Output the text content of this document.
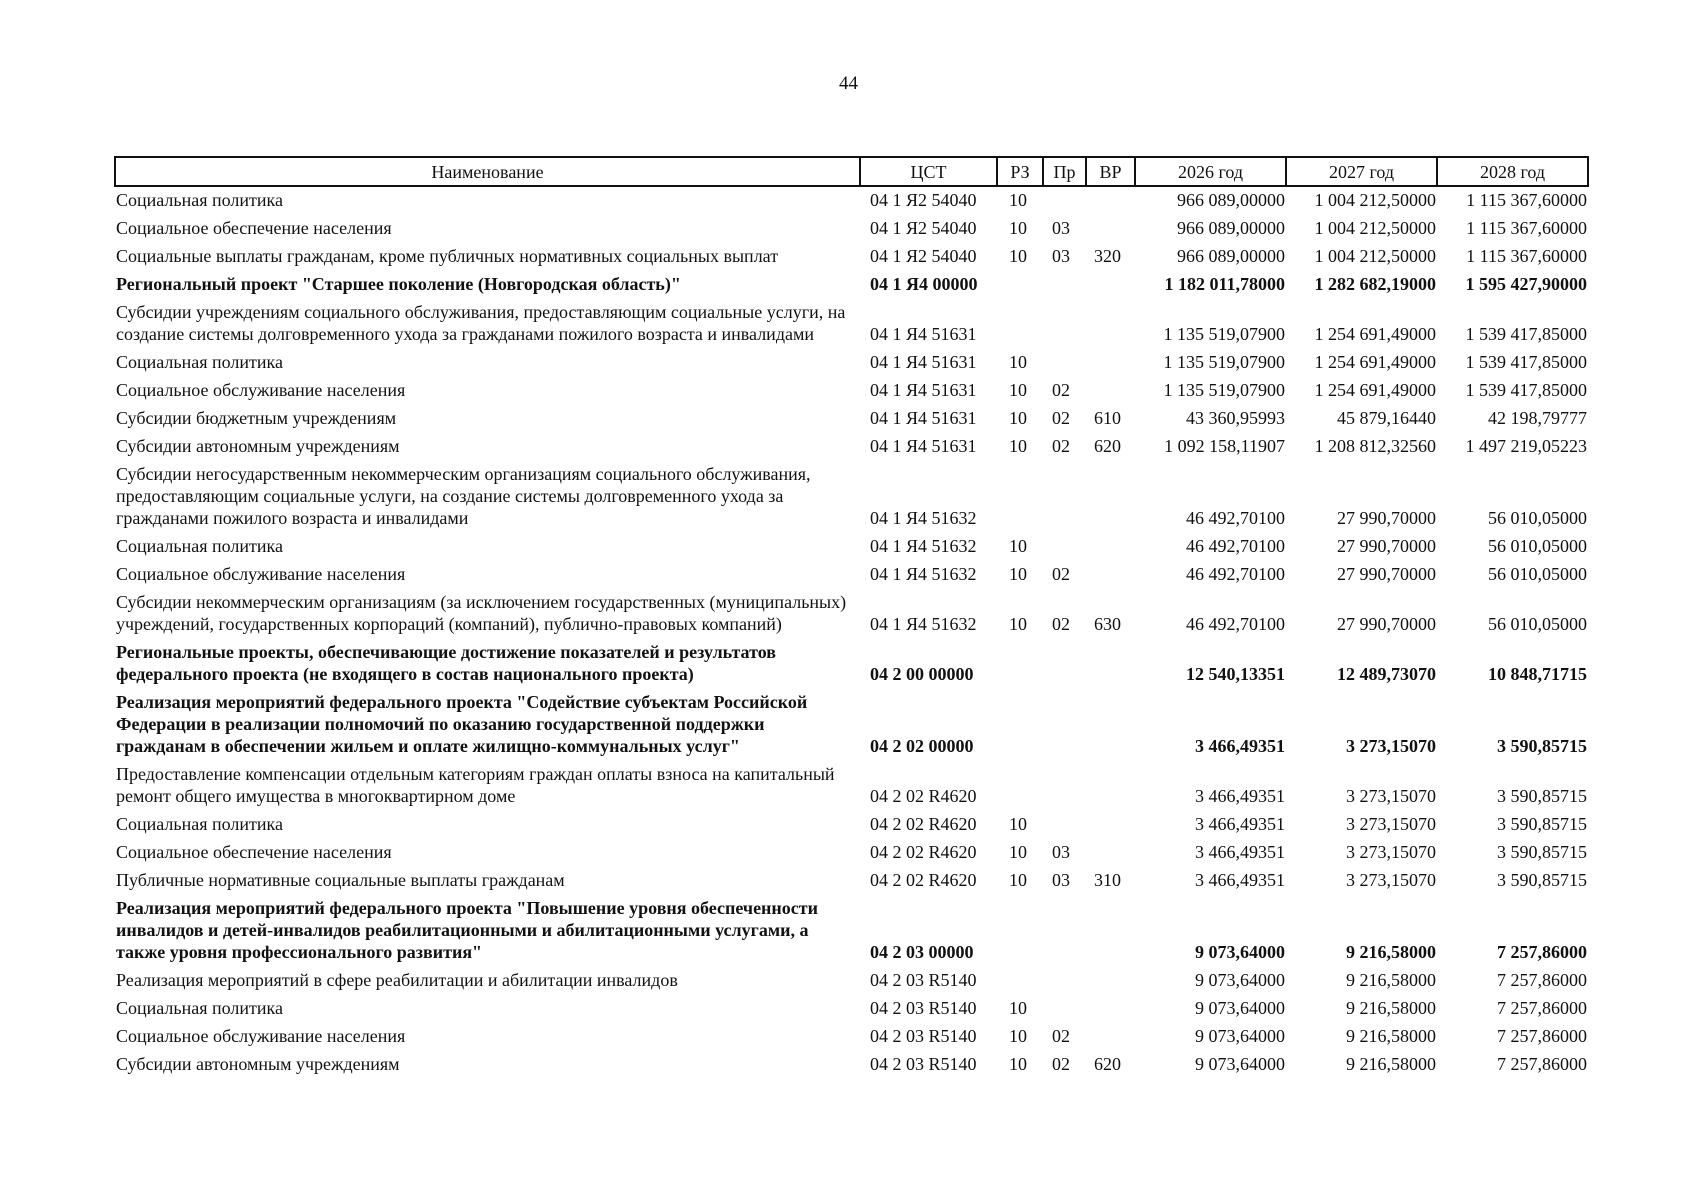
44
Наименование	ЦСТ	РЗ	Пр	ВР	2026 год	2027 год	2028 год
Социальная политика	04 1 Я2 54040	10			966 089,00000	1 004 212,50000	1 115 367,60000
Социальное обеспечение населения	04 1 Я2 54040	10	03		966 089,00000	1 004 212,50000	1 115 367,60000
Социальные выплаты гражданам, кроме публичных нормативных социальных выплат	04 1 Я2 54040	10	03	320	966 089,00000	1 004 212,50000	1 115 367,60000
Региональный проект "Старшее поколение (Новгородская область)"	04 1 Я4 00000				1 182 011,78000	1 282 682,19000	1 595 427,90000
Субсидии учреждениям социального обслуживания, предоставляющим социальные услуги, на создание системы долговременного ухода за гражданами пожилого возраста и инвалидами	04 1 Я4 51631				1 135 519,07900	1 254 691,49000	1 539 417,85000
Социальная политика	04 1 Я4 51631	10			1 135 519,07900	1 254 691,49000	1 539 417,85000
Социальное обслуживание населения	04 1 Я4 51631	10	02		1 135 519,07900	1 254 691,49000	1 539 417,85000
Субсидии бюджетным учреждениям	04 1 Я4 51631	10	02	610	43 360,95993	45 879,16440	42 198,79777
Субсидии автономным учреждениям	04 1 Я4 51631	10	02	620	1 092 158,11907	1 208 812,32560	1 497 219,05223
Субсидии негосударственным некоммерческим организациям социального обслуживания, предоставляющим социальные услуги, на создание системы долговременного ухода за гражданами пожилого возраста и инвалидами	04 1 Я4 51632				46 492,70100	27 990,70000	56 010,05000
Социальная политика	04 1 Я4 51632	10			46 492,70100	27 990,70000	56 010,05000
Социальное обслуживание населения	04 1 Я4 51632	10	02		46 492,70100	27 990,70000	56 010,05000
Субсидии некоммерческим организациям (за исключением государственных (муниципальных) учреждений, государственных корпораций (компаний), публично-правовых компаний)	04 1 Я4 51632	10	02	630	46 492,70100	27 990,70000	56 010,05000
Региональные проекты, обеспечивающие достижение показателей и результатов федерального проекта (не входящего в состав национального проекта)	04 2 00 00000				12 540,13351	12 489,73070	10 848,71715
Реализация мероприятий федерального проекта "Содействие субъектам Российской Федерации в реализации полномочий по оказанию государственной поддержки гражданам в обеспечении жильем и оплате жилищно-коммунальных услуг"	04 2 02 00000				3 466,49351	3 273,15070	3 590,85715
Предоставление компенсации отдельным категориям граждан оплаты взноса на капитальный ремонт общего имущества в многоквартирном доме	04 2 02 R4620				3 466,49351	3 273,15070	3 590,85715
Социальная политика	04 2 02 R4620	10			3 466,49351	3 273,15070	3 590,85715
Социальное обеспечение населения	04 2 02 R4620	10	03		3 466,49351	3 273,15070	3 590,85715
Публичные нормативные социальные выплаты гражданам	04 2 02 R4620	10	03	310	3 466,49351	3 273,15070	3 590,85715
Реализация мероприятий федерального проекта "Повышение уровня обеспеченности инвалидов и детей-инвалидов реабилитационными и абилитационными услугами, а также уровня профессионального развития"	04 2 03 00000				9 073,64000	9 216,58000	7 257,86000
Реализация мероприятий в сфере реабилитации и абилитации инвалидов	04 2 03 R5140				9 073,64000	9 216,58000	7 257,86000
Социальная политика	04 2 03 R5140	10			9 073,64000	9 216,58000	7 257,86000
Социальное обслуживание населения	04 2 03 R5140	10	02		9 073,64000	9 216,58000	7 257,86000
Субсидии автономным учреждениям	04 2 03 R5140	10	02	620	9 073,64000	9 216,58000	7 257,86000
